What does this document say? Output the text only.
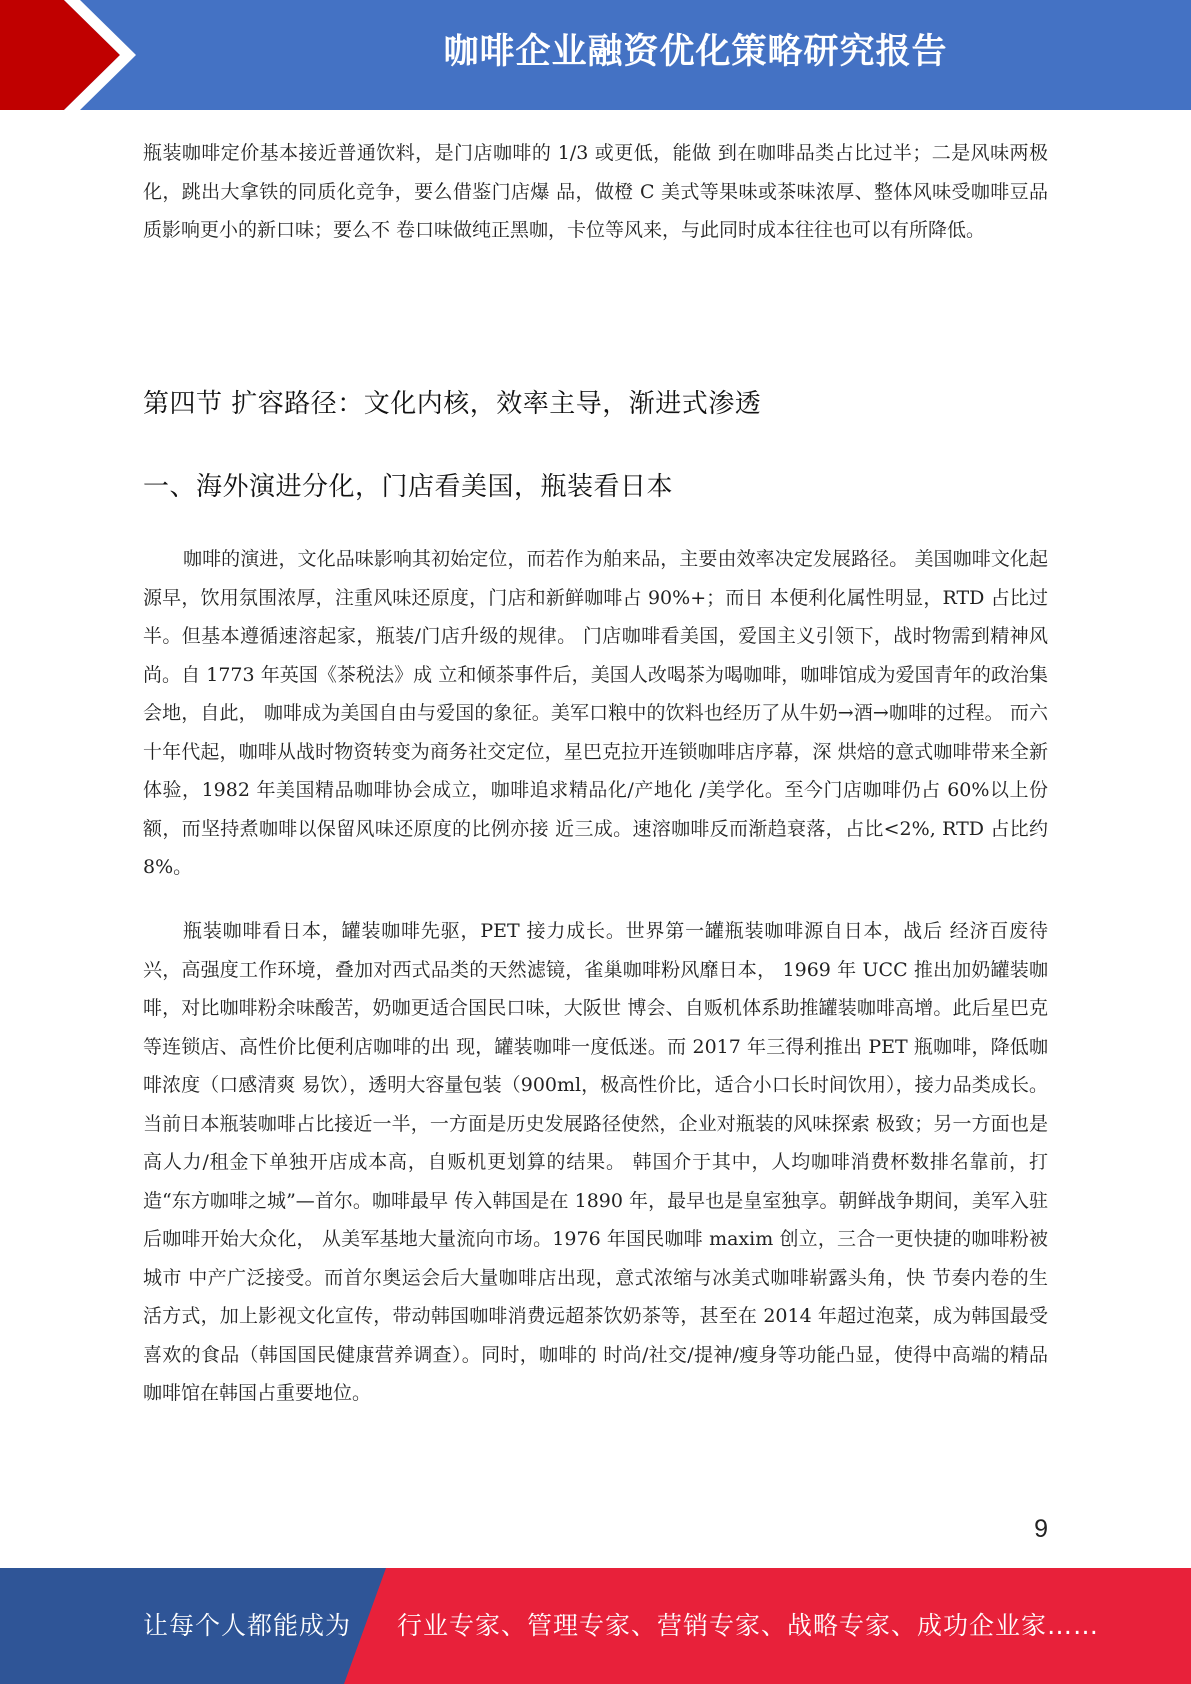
咖啡企业融资优化策略研究报告

瓶装咖啡定价基本接近普通饮料，是门店咖啡的 1/3 或更低，能做 到在咖啡品类占比过半；二是风味两极化，跳出大拿铁的同质化竞争，要么借鉴门店爆 品，做橙 C 美式等果味或茶味浓厚、整体风味受咖啡豆品质影响更小的新口味；要么不 卷口味做纯正黑咖，卡位等风来，与此同时成本往往也可以有所降低。

第四节 扩容路径：文化内核，效率主导，渐进式渗透
一、海外演进分化，门店看美国，瓶装看日本

咖啡的演进，文化品味影响其初始定位，而若作为舶来品，主要由效率决定发展路径。 美国咖啡文化起源早，饮用氛围浓厚，注重风味还原度，门店和新鲜咖啡占 90%+；而日 本便利化属性明显，RTD 占比过半。但基本遵循速溶起家，瓶装/门店升级的规律。 门店咖啡看美国，爱国主义引领下，战时物需到精神风尚。自 1773 年英国《茶税法》成 立和倾茶事件后，美国人改喝茶为喝咖啡，咖啡馆成为爱国青年的政治集会地，自此， 咖啡成为美国自由与爱国的象征。美军口粮中的饮料也经历了从牛奶→酒→咖啡的过程。 而六十年代起，咖啡从战时物资转变为商务社交定位，星巴克拉开连锁咖啡店序幕，深 烘焙的意式咖啡带来全新体验，1982 年美国精品咖啡协会成立，咖啡追求精品化/产地化 /美学化。至今门店咖啡仍占 60%以上份额，而坚持煮咖啡以保留风味还原度的比例亦接 近三成。速溶咖啡反而渐趋衰落，占比<2%, RTD 占比约 8%。

瓶装咖啡看日本，罐装咖啡先驱，PET 接力成长。世界第一罐瓶装咖啡源自日本，战后 经济百废待兴，高强度工作环境，叠加对西式品类的天然滤镜，雀巢咖啡粉风靡日本， 1969 年 UCC 推出加奶罐装咖啡，对比咖啡粉余味酸苦，奶咖更适合国民口味，大阪世 博会、自贩机体系助推罐装咖啡高增。此后星巴克等连锁店、高性价比便利店咖啡的出 现，罐装咖啡一度低迷。而 2017 年三得利推出 PET 瓶咖啡，降低咖啡浓度（口感清爽 易饮），透明大容量包装（900ml，极高性价比，适合小口长时间饮用），接力品类成长。 当前日本瓶装咖啡占比接近一半，一方面是历史发展路径使然，企业对瓶装的风味探索 极致；另一方面也是高人力/租金下单独开店成本高，自贩机更划算的结果。 韩国介于其中，人均咖啡消费杯数排名靠前，打造“东方咖啡之城”—首尔。咖啡最早 传入韩国是在 1890 年，最早也是皇室独享。朝鲜战争期间，美军入驻后咖啡开始大众化， 从美军基地大量流向市场。1976 年国民咖啡 maxim 创立，三合一更快捷的咖啡粉被城市 中产广泛接受。而首尔奥运会后大量咖啡店出现，意式浓缩与冰美式咖啡崭露头角，快 节奏内卷的生活方式，加上影视文化宣传，带动韩国咖啡消费远超茶饮奶茶等，甚至在 2014 年超过泡菜，成为韩国最受喜欢的食品（韩国国民健康营养调查）。同时，咖啡的 时尚/社交/提神/瘦身等功能凸显，使得中高端的精品咖啡馆在韩国占重要地位。

9
让每个人都能成为 行业专家、管理专家、营销专家、战略专家、成功企业家……
